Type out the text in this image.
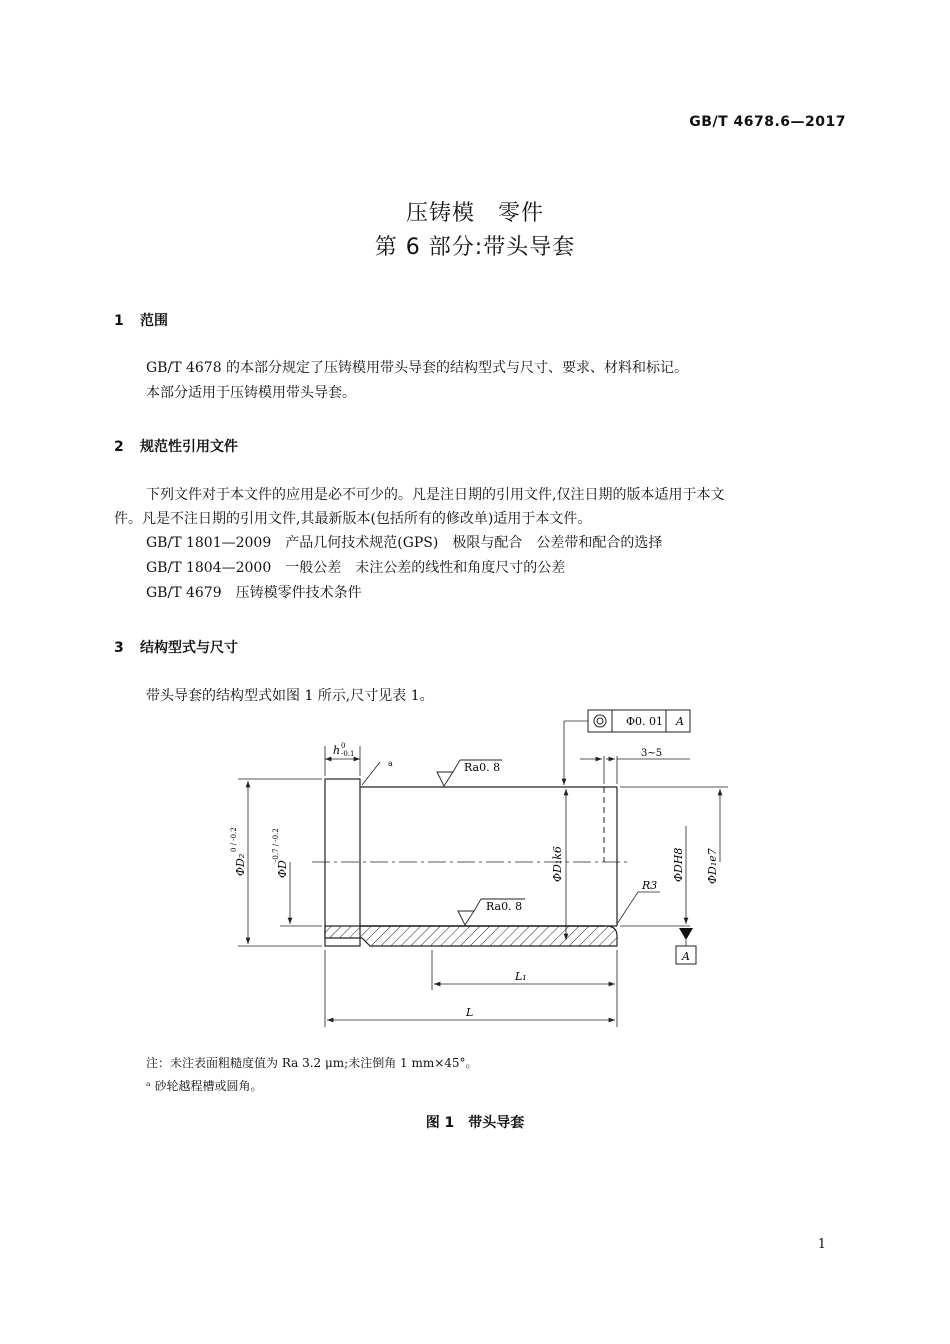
GB/T 4678.6—2017
压铸模　零件
第 6 部分:带头导套
1 范围
GB/T 4678 的本部分规定了压铸模用带头导套的结构型式与尺寸、要求、材料和标记。
本部分适用于压铸模用带头导套。
2 规范性引用文件
下列文件对于本文件的应用是必不可少的。凡是注日期的引用文件,仅注日期的版本适用于本文
件。凡是不注日期的引用文件,其最新版本(包括所有的修改单)适用于本文件。
GB/T 1801—2009　产品几何技术规范(GPS)　极限与配合　公差带和配合的选择
GB/T 1804—2000　一般公差　未注公差的线性和角度尺寸的公差
GB/T 4679　压铸模零件技术条件
3 结构型式与尺寸
带头导套的结构型式如图 1 所示,尺寸见表 1。
Φ0. 01 A
Ra0. 8
Ra0. 8
a
R3
A
h 0
-0.1	3~5
ΦD₂
0 / -0.2
ΦD
-0.7 / -0.2
ΦD₁k6	ΦDH8 ΦD₁e7
L₁
L
注：未注表面粗糙度值为 Ra 3.2 μm;未注倒角 1 mm×45°。
ᵃ 砂轮越程槽或圆角。
图 1　带头导套
1
